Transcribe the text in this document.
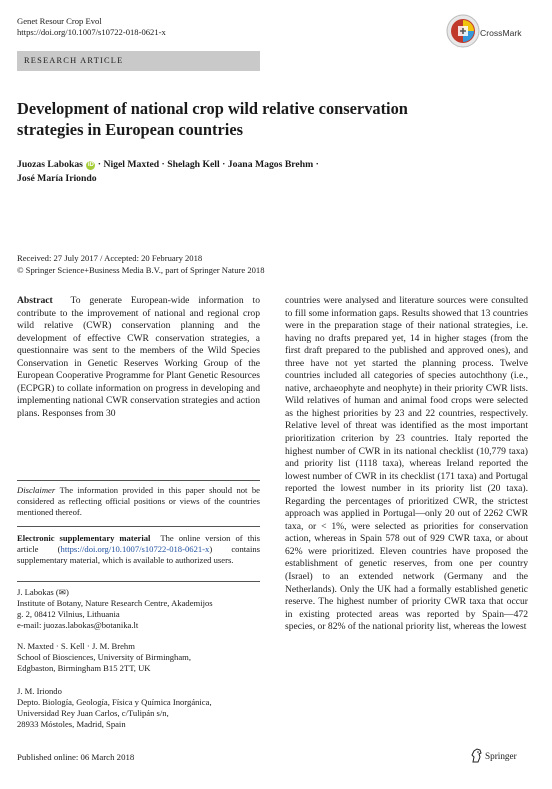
Genet Resour Crop Evol
https://doi.org/10.1007/s10722-018-0621-x	CrossMark
RESEARCH ARTICLE
Development of national crop wild relative conservation
strategies in European countries
Juozas Labokas iD · Nigel Maxted · Shelagh Kell · Joana Magos Brehm ·
José María Iriondo
Received: 27 July 2017 / Accepted: 20 February 2018
© Springer Science+Business Media B.V., part of Springer Nature 2018
Abstract To generate European-wide information to contribute to the improvement of national and regional crop wild relative (CWR) conservation planning and the development of effective CWR conservation strategies, a questionnaire was sent to the members of the Wild Species Conservation in Genetic Reserves Working Group of the European Cooperative Programme for Plant Genetic Resources (ECPGR) to collate information on progress in developing and implementing national CWR conservation strategies and action plans. Responses from 30
countries were analysed and literature sources were consulted to fill some information gaps. Results showed that 13 countries were in the preparation stage of their national strategies, i.e. having no drafts prepared yet, 14 in higher stages (from the first draft prepared to the published and approved ones), and three have not yet started the planning process. Twelve countries included all categories of species autochthony (i.e., native, archaeophyte and neophyte) in their priority CWR lists. Wild relatives of human and animal food crops were selected as the highest priorities by 23 and 22 countries, respectively. Relative level of threat was identified as the most important prioritization criterion by 23 countries. Italy reported the highest number of CWR in its national checklist (10,779 taxa) and priority list (1118 taxa), whereas Ireland reported the lowest number of CWR in its checklist (171 taxa) and Portugal reported the lowest number in its priority list (20 taxa). Regarding the percentages of prioritized CWR, the strictest approach was applied in Portugal—only 20 out of 2262 CWR taxa, or < 1%, were selected as priorities for conservation action, whereas in Spain 578 out of 929 CWR taxa, or about 62% were prioritized. Eleven countries have proposed the establishment of genetic reserves, from one per country (Israel) to an extended network (Germany and the Netherlands). Only the UK had a formally established genetic reserve. The highest number of priority CWR taxa that occur in existing protected areas was reported by Spain—472 species, or 82% of the national priority list, whereas the lowest
Disclaimer The information provided in this paper should not be considered as reflecting official positions or views of the countries mentioned thereof.
Electronic supplementary material The online version of this article (https://doi.org/10.1007/s10722-018-0621-x) contains supplementary material, which is available to authorized users.
J. Labokas (✉)
Institute of Botany, Nature Research Centre, Akademijos
g. 2, 08412 Vilnius, Lithuania
e-mail: juozas.labokas@botanika.lt
N. Maxted · S. Kell · J. M. Brehm
School of Biosciences, University of Birmingham,
Edgbaston, Birmingham B15 2TT, UK
J. M. Iriondo
Depto. Biología, Geología, Física y Química Inorgánica,
Universidad Rey Juan Carlos, c/Tulipán s/n,
28933 Móstoles, Madrid, Spain
Published online: 06 March 2018	Springer
